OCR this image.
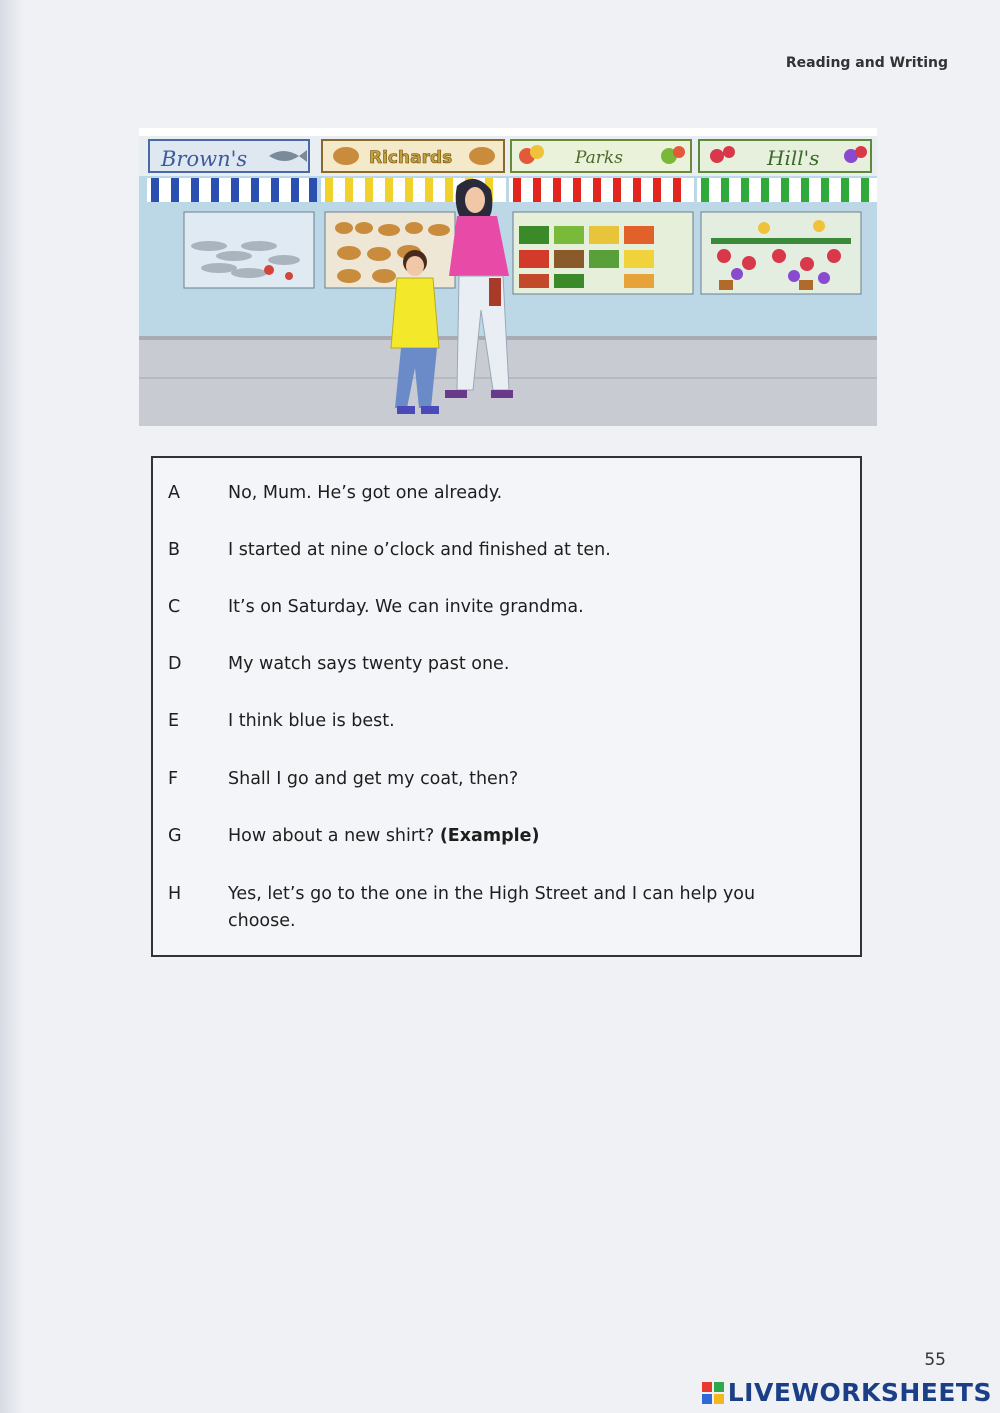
Reading and Writing
Brown's	Richards	Parks	Hill's
A	No, Mum. He’s got one already.
B	I started at nine o’clock and finished at ten.
C	It’s on Saturday. We can invite grandma.
D	My watch says twenty past one.
E	I think blue is best.
F	Shall I go and get my coat, then?
G	How about a new shirt? (Example)
H	Yes, let’s go to the one in the High Street and I can help you choose.
55
LIVEWORKSHEETS
